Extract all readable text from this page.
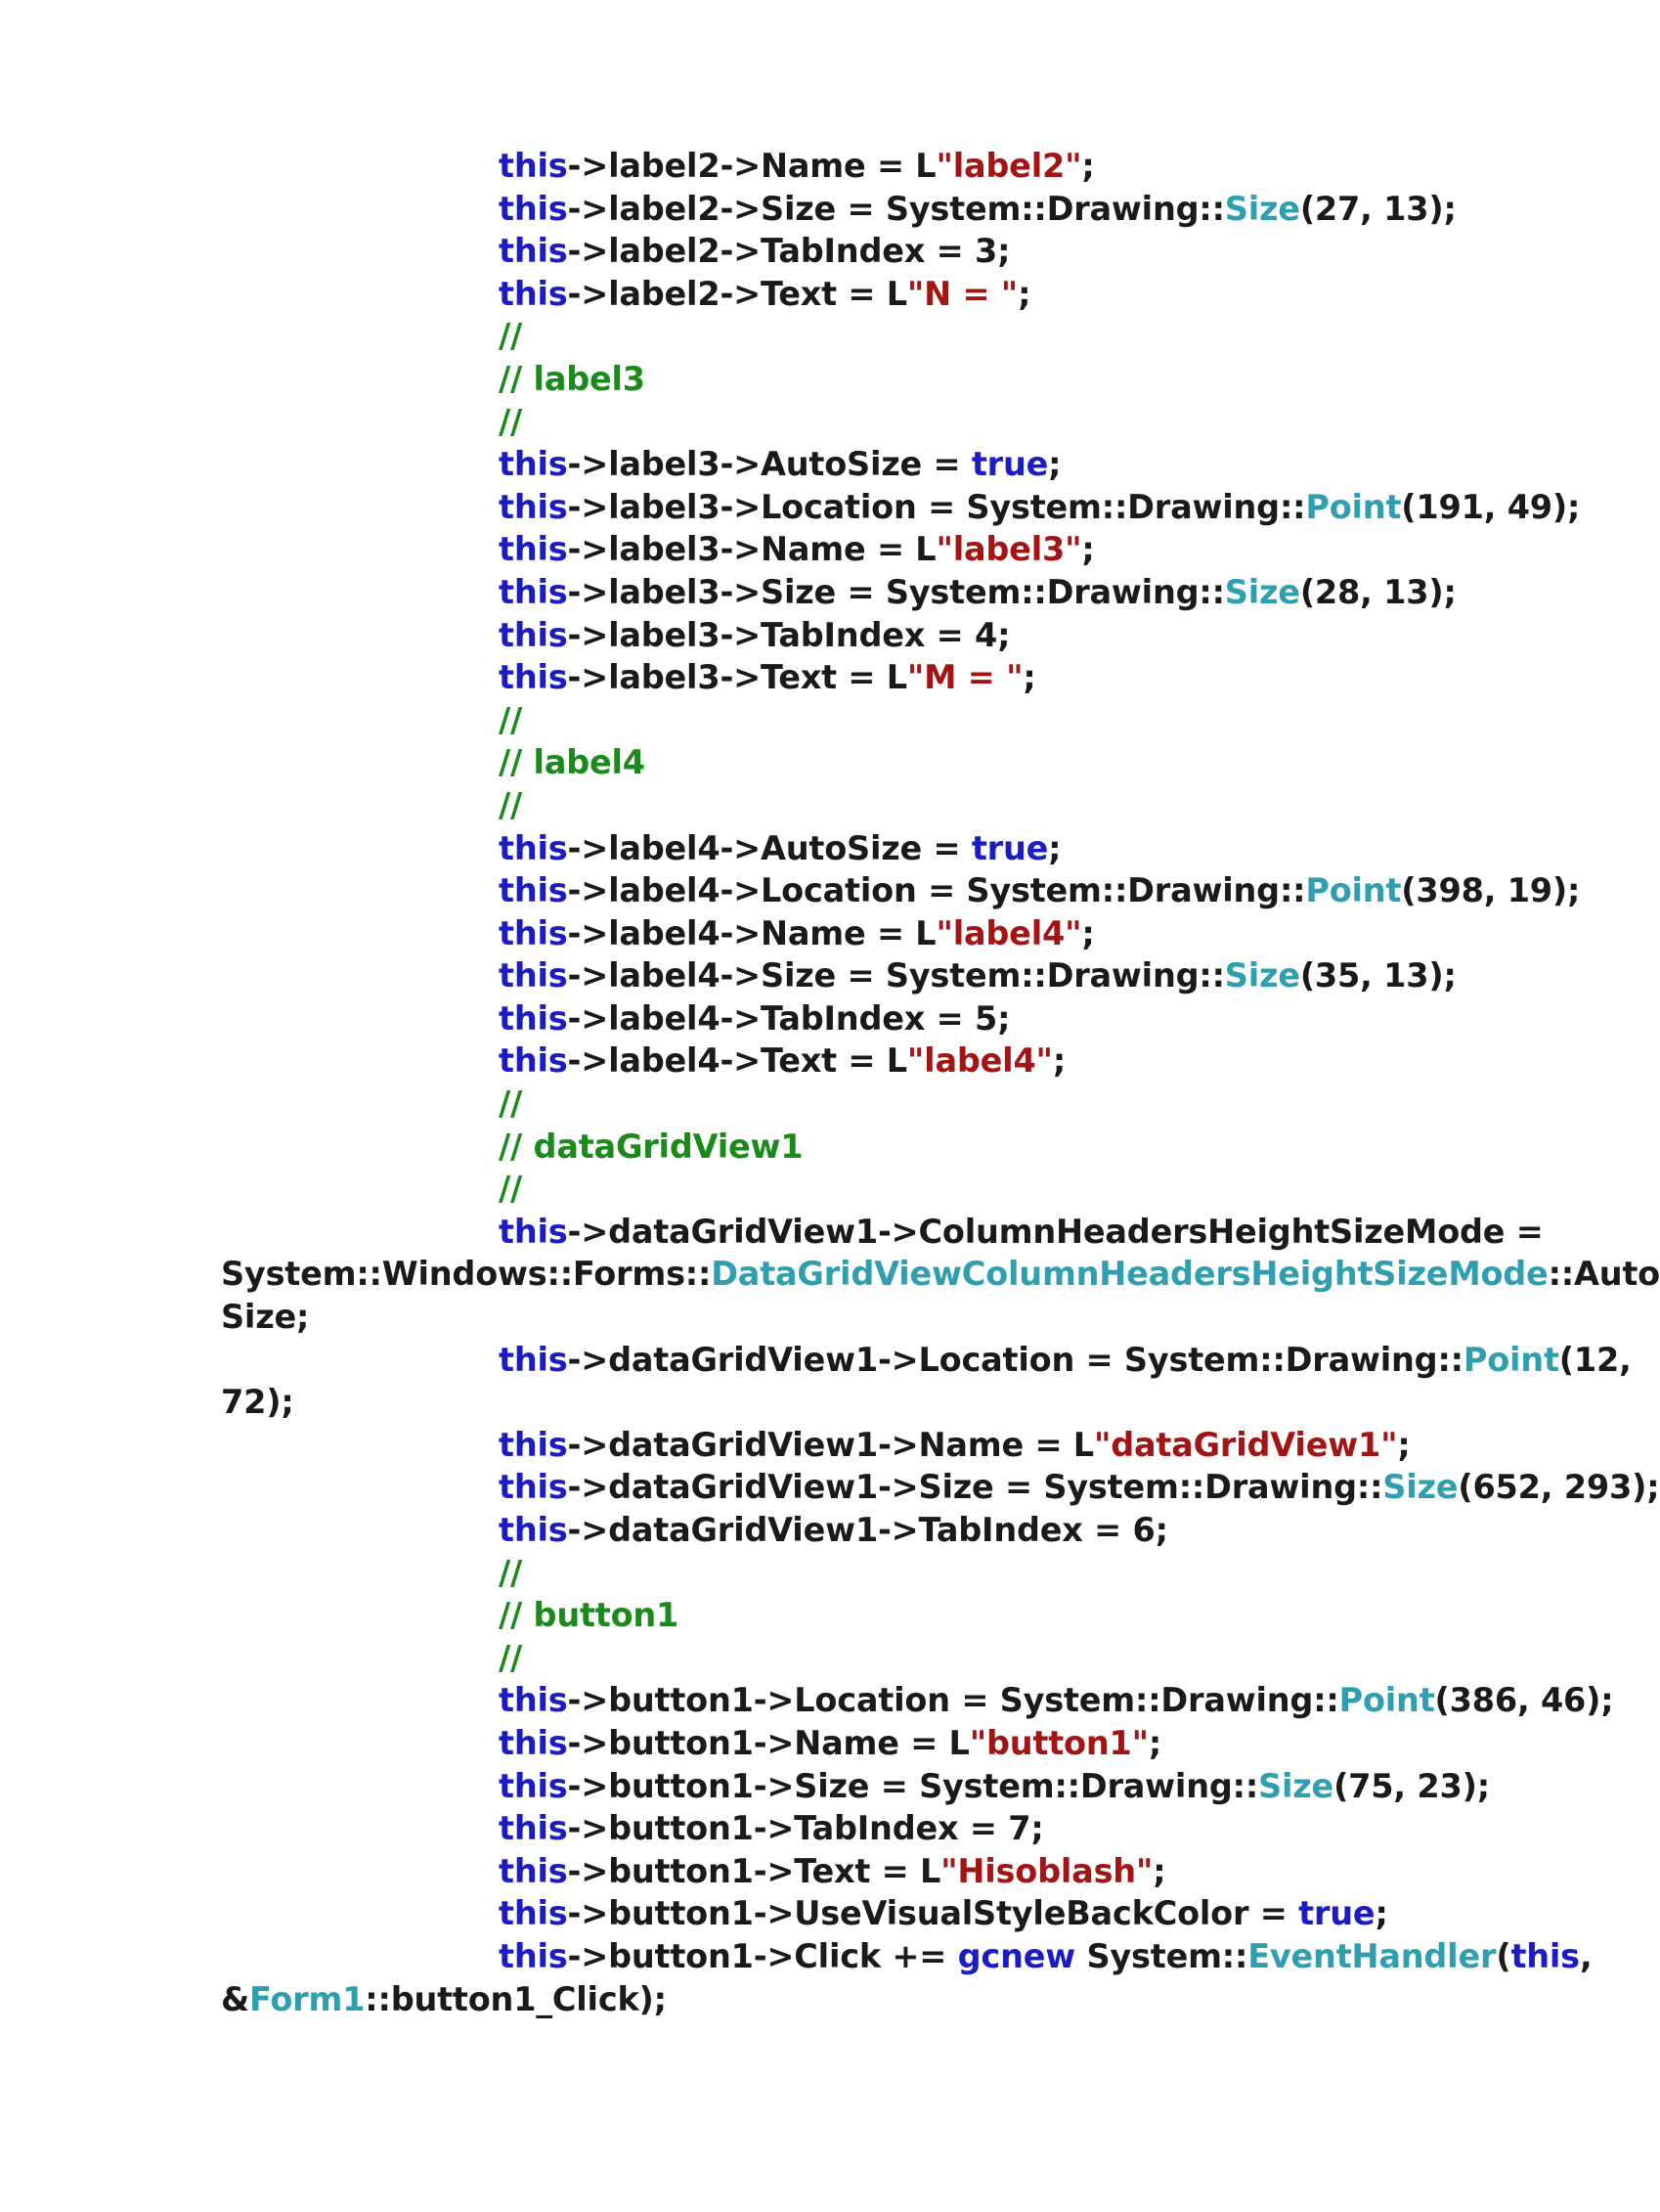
this->label2->Name = L"label2";
this->label2->Size = System::Drawing::Size(27, 13);
this->label2->TabIndex = 3;
this->label2->Text = L"N = ";
//
// label3
//
this->label3->AutoSize = true;
this->label3->Location = System::Drawing::Point(191, 49);
this->label3->Name = L"label3";
this->label3->Size = System::Drawing::Size(28, 13);
this->label3->TabIndex = 4;
this->label3->Text = L"M = ";
//
// label4
//
this->label4->AutoSize = true;
this->label4->Location = System::Drawing::Point(398, 19);
this->label4->Name = L"label4";
this->label4->Size = System::Drawing::Size(35, 13);
this->label4->TabIndex = 5;
this->label4->Text = L"label4";
//
// dataGridView1
//
this->dataGridView1->ColumnHeadersHeightSizeMode =
System::Windows::Forms::DataGridViewColumnHeadersHeightSizeMode::Auto
Size;
this->dataGridView1->Location = System::Drawing::Point(12,
72);
this->dataGridView1->Name = L"dataGridView1";
this->dataGridView1->Size = System::Drawing::Size(652, 293);
this->dataGridView1->TabIndex = 6;
//
// button1
//
this->button1->Location = System::Drawing::Point(386, 46);
this->button1->Name = L"button1";
this->button1->Size = System::Drawing::Size(75, 23);
this->button1->TabIndex = 7;
this->button1->Text = L"Hisoblash";
this->button1->UseVisualStyleBackColor = true;
this->button1->Click += gcnew System::EventHandler(this,
&Form1::button1_Click);
